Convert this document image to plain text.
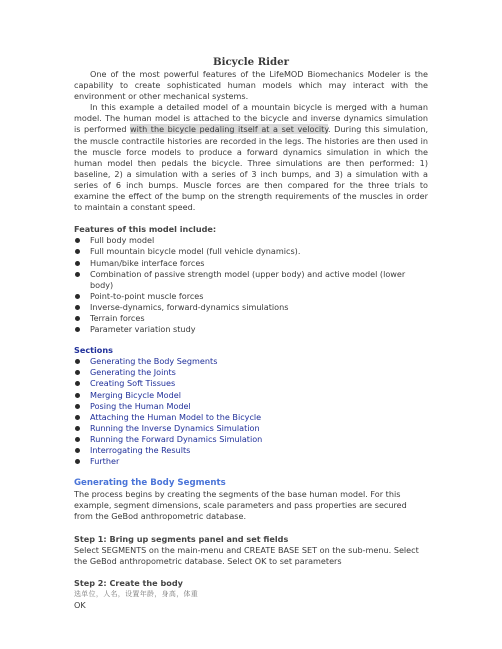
Bicycle Rider

One of the most powerful features of the LifeMOD Biomechanics Modeler is the capability to create sophisticated human models which may interact with the environment or other mechanical systems.

In this example a detailed model of a mountain bicycle is merged with a human model. The human model is attached to the bicycle and inverse dynamics simulation is performed with the bicycle pedaling itself at a set velocity. During this simulation, the muscle contractile histories are recorded in the legs. The histories are then used in the muscle force models to produce a forward dynamics simulation in which the human model then pedals the bicycle. Three simulations are then performed: 1) baseline, 2) a simulation with a series of 3 inch bumps, and 3) a simulation with a series of 6 inch bumps. Muscle forces are then compared for the three trials to examine the effect of the bump on the strength requirements of the muscles in order to maintain a constant speed.

Features of this model include:
Full body model
Full mountain bicycle model (full vehicle dynamics).
Human/bike interface forces
Combination of passive strength model (upper body) and active model (lower body)
Point-to-point muscle forces
Inverse-dynamics, forward-dynamics simulations
Terrain forces
Parameter variation study
Sections
Generating the Body Segments
Generating the Joints
Creating Soft Tissues
Merging Bicycle Model
Posing the Human Model
Attaching the Human Model to the Bicycle
Running the Inverse Dynamics Simulation
Running the Forward Dynamics Simulation
Interrogating the Results
Further
Generating the Body Segments

The process begins by creating the segments of the base human model. For this example, segment dimensions, scale parameters and pass properties are secured from the GeBod anthropometric database.

Step 1: Bring up segments panel and set fields

Select SEGMENTS on the main-menu and CREATE BASE SET on the sub-menu. Select the GeBod anthropometric database. Select OK to set parameters

Step 2: Create the body
选单位，人名，设置年龄，身高，体重
OK
